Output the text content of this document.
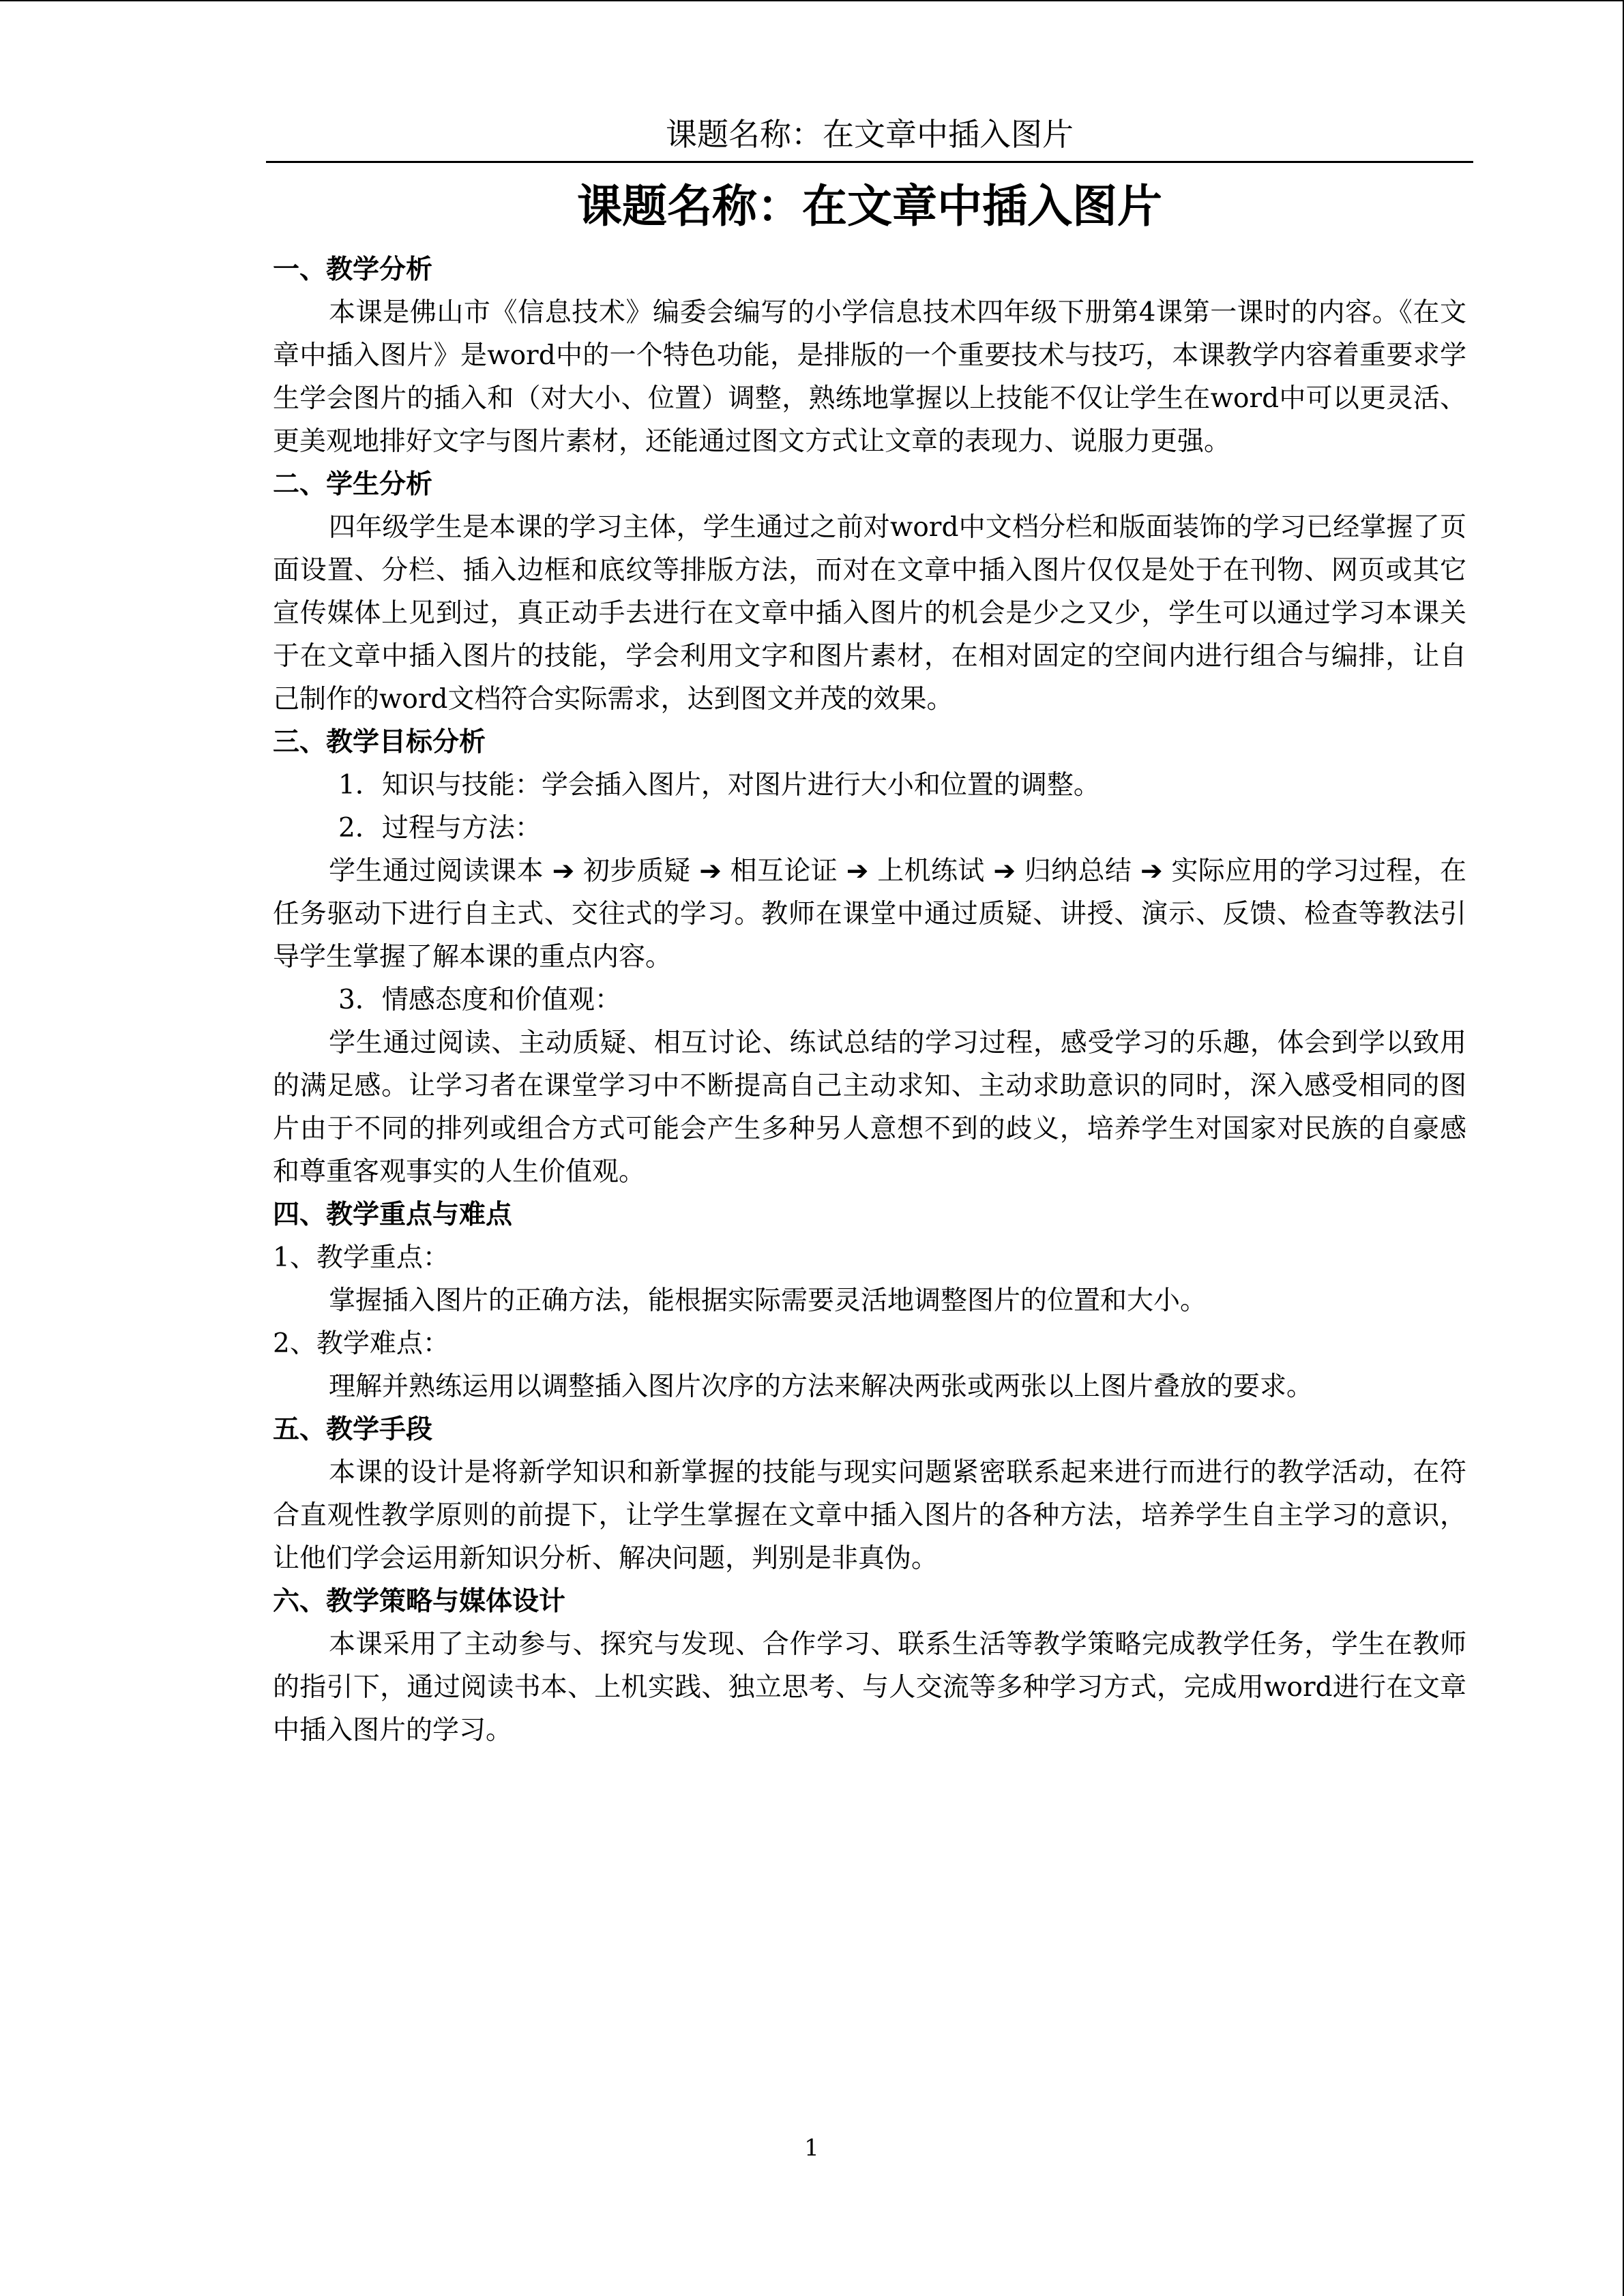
课题名称：在文章中插入图片
课题名称：在文章中插入图片
一、教学分析
本课是佛山市《信息技术》编委会编写的小学信息技术四年级下册第4课第一课时的内容。《在文章中插入图片》是word中的一个特色功能，是排版的一个重要技术与技巧，本课教学内容着重要求学生学会图片的插入和（对大小、位置）调整，熟练地掌握以上技能不仅让学生在word中可以更灵活、更美观地排好文字与图片素材，还能通过图文方式让文章的表现力、说服力更强。
二、学生分析
四年级学生是本课的学习主体，学生通过之前对word中文档分栏和版面装饰的学习已经掌握了页面设置、分栏、插入边框和底纹等排版方法，而对在文章中插入图片仅仅是处于在刊物、网页或其它宣传媒体上见到过，真正动手去进行在文章中插入图片的机会是少之又少，学生可以通过学习本课关于在文章中插入图片的技能，学会利用文字和图片素材，在相对固定的空间内进行组合与编排，让自己制作的word文档符合实际需求，达到图文并茂的效果。
三、教学目标分析
1．知识与技能：学会插入图片，对图片进行大小和位置的调整。
2．过程与方法：
学生通过阅读课本 ➔ 初步质疑 ➔ 相互论证 ➔ 上机练试 ➔ 归纳总结 ➔ 实际应用的学习过程，在任务驱动下进行自主式、交往式的学习。教师在课堂中通过质疑、讲授、演示、反馈、检查等教法引导学生掌握了解本课的重点内容。
3．情感态度和价值观：
学生通过阅读、主动质疑、相互讨论、练试总结的学习过程，感受学习的乐趣，体会到学以致用的满足感。让学习者在课堂学习中不断提高自己主动求知、主动求助意识的同时，深入感受相同的图片由于不同的排列或组合方式可能会产生多种另人意想不到的歧义，培养学生对国家对民族的自豪感和尊重客观事实的人生价值观。
四、教学重点与难点
1、教学重点：
掌握插入图片的正确方法，能根据实际需要灵活地调整图片的位置和大小。
2、教学难点：
理解并熟练运用以调整插入图片次序的方法来解决两张或两张以上图片叠放的要求。
五、教学手段
本课的设计是将新学知识和新掌握的技能与现实问题紧密联系起来进行而进行的教学活动，在符合直观性教学原则的前提下，让学生掌握在文章中插入图片的各种方法，培养学生自主学习的意识，让他们学会运用新知识分析、解决问题，判别是非真伪。
六、教学策略与媒体设计
本课采用了主动参与、探究与发现、合作学习、联系生活等教学策略完成教学任务，学生在教师的指引下，通过阅读书本、上机实践、独立思考、与人交流等多种学习方式，完成用word进行在文章中插入图片的学习。
1
